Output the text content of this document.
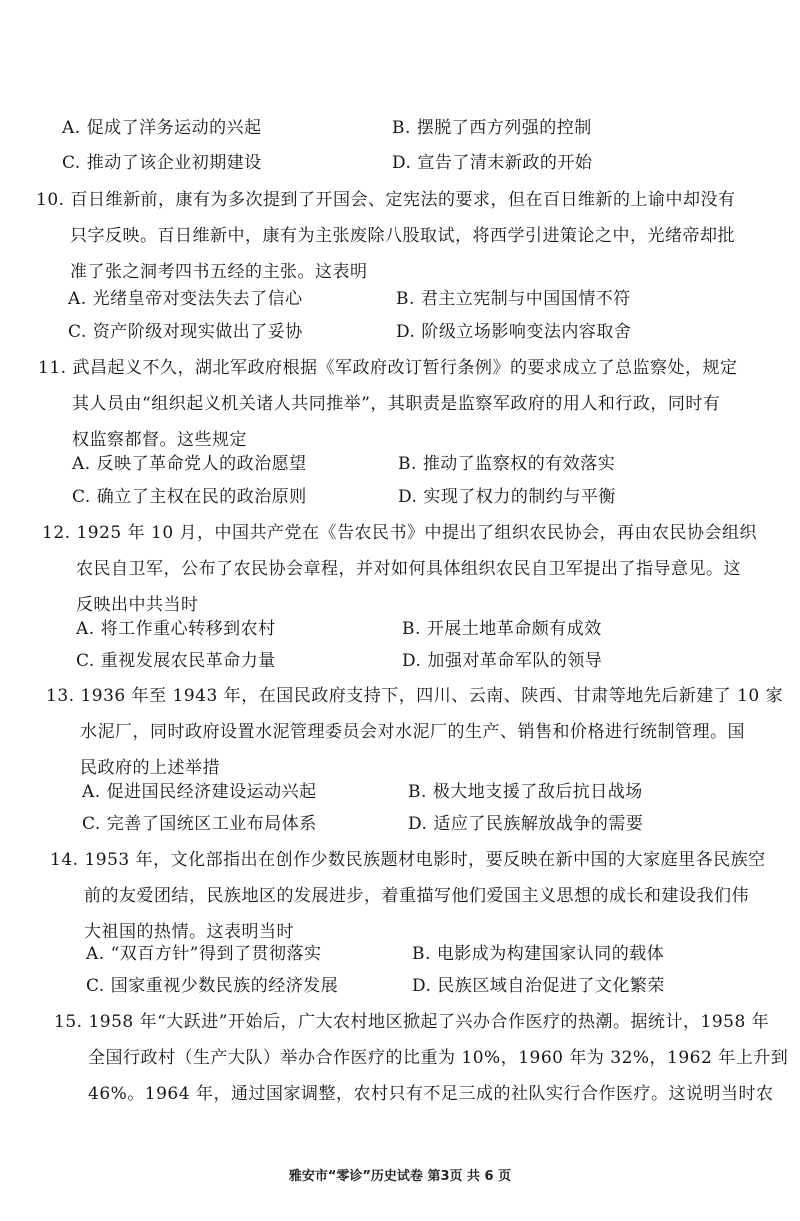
A. 促成了洋务运动的兴起	B. 摆脱了西方列强的控制
C. 推动了该企业初期建设	D. 宣告了清末新政的开始
10. 百日维新前，康有为多次提到了开国会、定宪法的要求，但在百日维新的上谕中却没有
只字反映。百日维新中，康有为主张废除八股取试，将西学引进策论之中，光绪帝却批
准了张之洞考四书五经的主张。这表明
A. 光绪皇帝对变法失去了信心	B. 君主立宪制与中国国情不符
C. 资产阶级对现实做出了妥协	D. 阶级立场影响变法内容取舍
11. 武昌起义不久，湖北军政府根据《军政府改订暂行条例》的要求成立了总监察处，规定
其人员由“组织起义机关诸人共同推举”，其职责是监察军政府的用人和行政，同时有
权监察都督。这些规定
A. 反映了革命党人的政治愿望	B. 推动了监察权的有效落实
C. 确立了主权在民的政治原则	D. 实现了权力的制约与平衡
12. 1925 年 10 月，中国共产党在《告农民书》中提出了组织农民协会，再由农民协会组织
农民自卫军，公布了农民协会章程，并对如何具体组织农民自卫军提出了指导意见。这
反映出中共当时
A. 将工作重心转移到农村	B. 开展土地革命颇有成效
C. 重视发展农民革命力量	D. 加强对革命军队的领导
13. 1936 年至 1943 年，在国民政府支持下，四川、云南、陕西、甘肃等地先后新建了 10 家
水泥厂，同时政府设置水泥管理委员会对水泥厂的生产、销售和价格进行统制管理。国
民政府的上述举措
A. 促进国民经济建设运动兴起	B. 极大地支援了敌后抗日战场
C. 完善了国统区工业布局体系	D. 适应了民族解放战争的需要
14. 1953 年，文化部指出在创作少数民族题材电影时，要反映在新中国的大家庭里各民族空
前的友爱团结，民族地区的发展进步，着重描写他们爱国主义思想的成长和建设我们伟
大祖国的热情。这表明当时
A. “双百方针”得到了贯彻落实	B. 电影成为构建国家认同的载体
C. 国家重视少数民族的经济发展	D. 民族区域自治促进了文化繁荣
15. 1958 年“大跃进”开始后，广大农村地区掀起了兴办合作医疗的热潮。据统计，1958 年
全国行政村（生产大队）举办合作医疗的比重为 10%，1960 年为 32%，1962 年上升到
46%。1964 年，通过国家调整，农村只有不足三成的社队实行合作医疗。这说明当时农
雅安市“零诊”历史试卷 第3页 共 6 页
